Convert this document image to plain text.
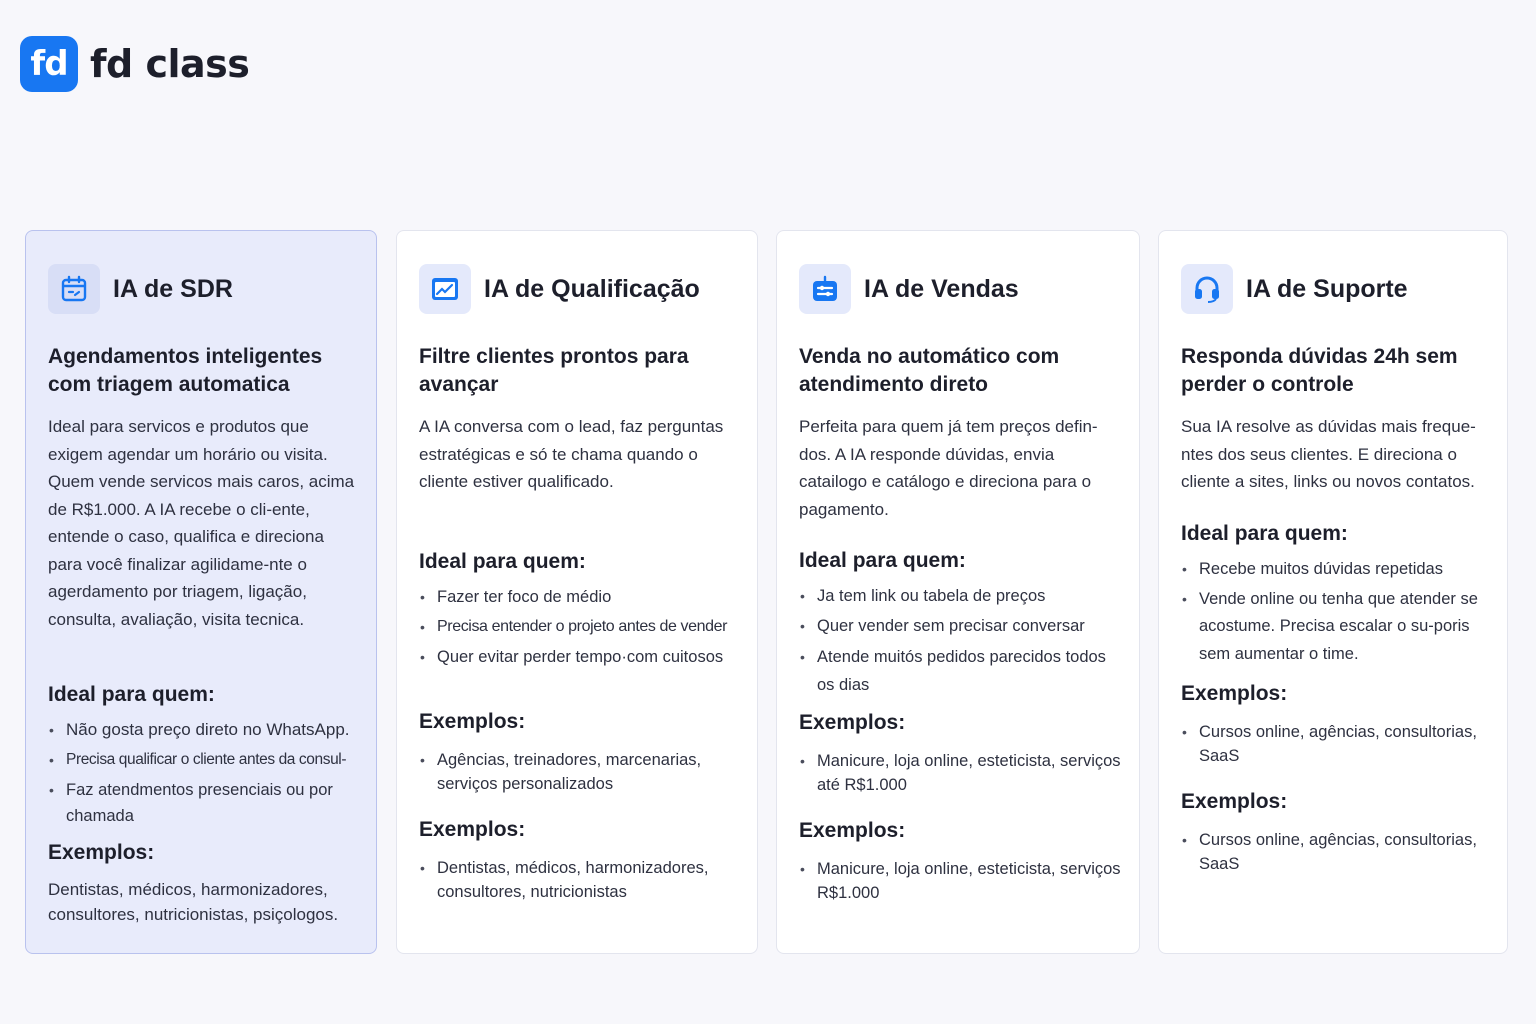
fd fd class
IA de SDR
Agendamentos inteligentes com triagem automatica
Ideal para servicos e produtos que exigem agendar um horário ou visita. Quem vende servicos mais caros, acima de R$1.000. A IA recebe o cli-ente, entende o caso, qualifica e direciona para você finalizar agilidame-nte o agerdamento por triagem, ligação, consulta, avaliação, visita tecnica.
Ideal para quem:
• Não gosta preço direto no WhatsApp.
• Precisa qualificar o cliente antes da consul-
• Faz atendmentos presenciais ou por chamada
Exemplos:
Dentistas, médicos, harmonizadores, consultores, nutricionistas, psiçologos.
IA de Qualificação
Filtre clientes prontos para avançar
A IA conversa com o lead, faz perguntas estratégicas e só te chama quando o cliente estiver qualificado.
Ideal para quem:
• Fazer ter foco de médio
• Precisa entender o projeto antes de vender
• Quer evitar perder tempo·com cuitosos
Exemplos:
• Agências, treinadores, marcenarias, serviços personalizados
Exemplos:
• Dentistas, médicos, harmonizadores, consultores, nutricionistas
IA de Vendas
Venda no automático com atendimento direto
Perfeita para quem já tem preços defin-dos. A IA responde dúvidas, envia catailogo e catálogo e direciona para o pagamento.
Ideal para quem:
• Ja tem link ou tabela de preços
• Quer vender sem precisar conversar
• Atende muitós pedidos parecidos todos os dias
Exemplos:
• Manicure, loja online, esteticista, serviços até R$1.000
Exemplos:
• Manicure, loja online, esteticista, serviços R$1.000
IA de Suporte
Responda dúvidas 24h sem perder o controle
Sua IA resolve as dúvidas mais freque-ntes dos seus clientes. E direciona o cliente a sites, links ou novos contatos.
Ideal para quem:
• Recebe muitos dúvidas repetidas
• Vende online ou tenha que atender se acostume. Precisa escalar o su-poris sem aumentar o time.
Exemplos:
• Cursos online, agências, consultorias, SaaS
Exemplos:
• Cursos online, agências, consultorias, SaaS
